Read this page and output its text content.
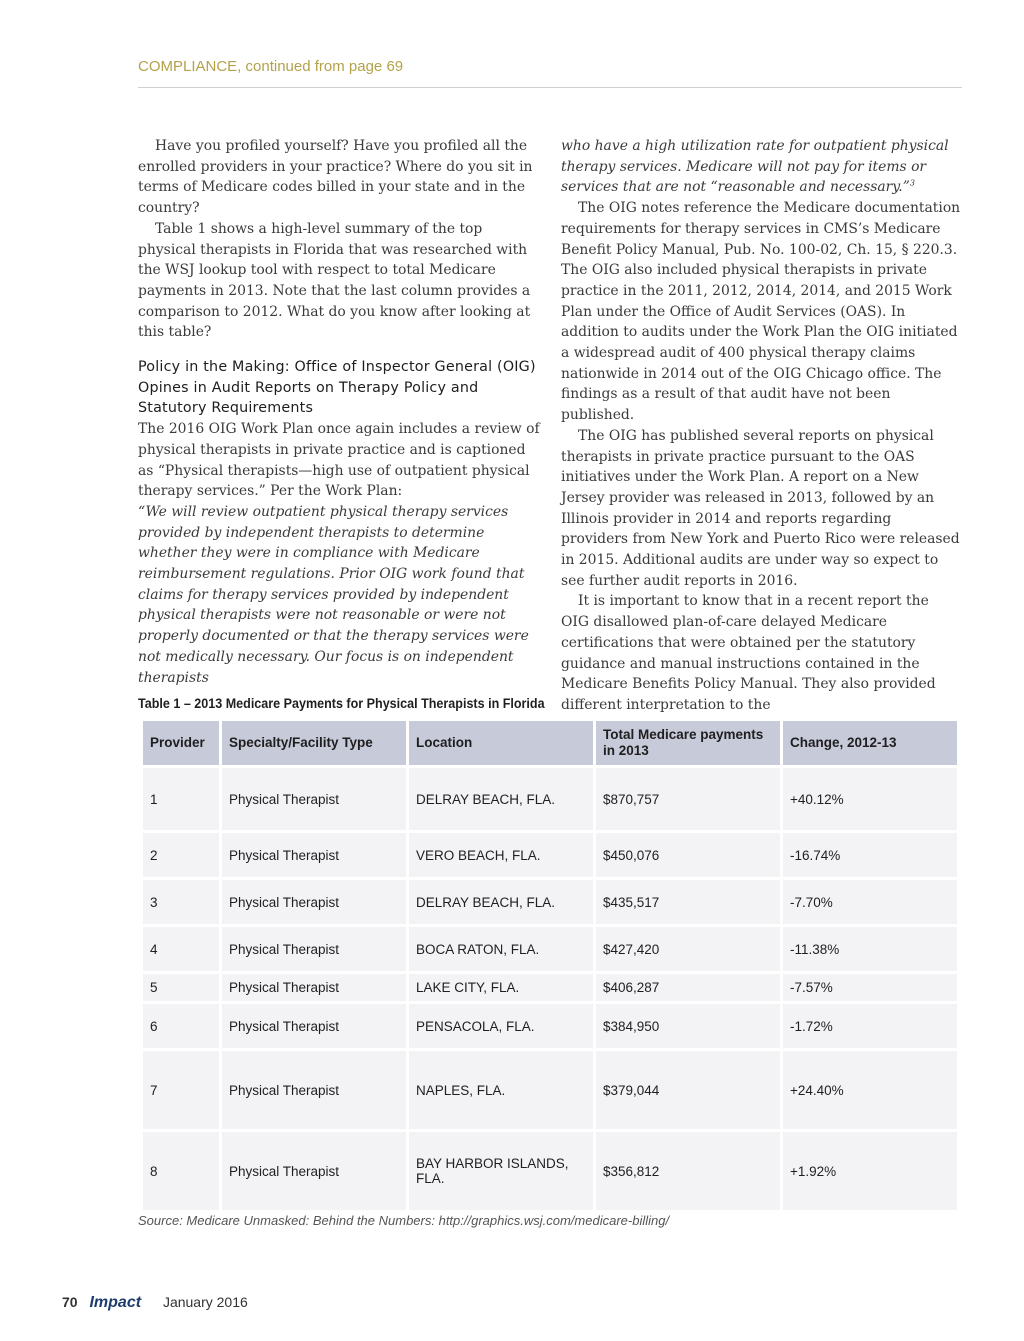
COMPLIANCE, continued from page 69

Have you profiled yourself? Have you profiled all the enrolled providers in your practice? Where do you sit in terms of Medicare codes billed in your state and in the country?

Table 1 shows a high-level summary of the top physical therapists in Florida that was researched with the WSJ lookup tool with respect to total Medicare payments in 2013. Note that the last column provides a comparison to 2012. What do you know after looking at this table?

Policy in the Making: Office of Inspector General (OIG) Opines in Audit Reports on Therapy Policy and Statutory Requirements

The 2016 OIG Work Plan once again includes a review of physical therapists in private practice and is captioned as “Physical therapists—high use of outpatient physical therapy services.” Per the Work Plan:

“We will review outpatient physical therapy services provided by independent therapists to determine whether they were in compliance with Medicare reimbursement regulations. Prior OIG work found that claims for therapy services provided by independent physical therapists were not reasonable or were not properly documented or that the therapy services were not medically necessary. Our focus is on independent therapists

who have a high utilization rate for outpatient physical therapy services. Medicare will not pay for items or services that are not “reasonable and necessary.”$^3$

The OIG notes reference the Medicare documentation requirements for therapy services in CMS’s Medicare Benefit Policy Manual, Pub. No. 100-02, Ch. 15, § 220.3. The OIG also included physical therapists in private practice in the 2011, 2012, 2014, 2014, and 2015 Work Plan under the Office of Audit Services (OAS). In addition to audits under the Work Plan the OIG initiated a widespread audit of 400 physical therapy claims nationwide in 2014 out of the OIG Chicago office. The findings as a result of that audit have not been published.

The OIG has published several reports on physical therapists in private practice pursuant to the OAS initiatives under the Work Plan. A report on a New Jersey provider was released in 2013, followed by an Illinois provider in 2014 and reports regarding providers from New York and Puerto Rico were released in 2015. Additional audits are under way so expect to see further audit reports in 2016.

It is important to know that in a recent report the OIG disallowed plan-of-care delayed Medicare certifications that were obtained per the statutory guidance and manual instructions contained in the Medicare Benefits Policy Manual. They also provided different interpretation to the

Table 1 – 2013 Medicare Payments for Physical Therapists in Florida
Provider	Specialty/Facility Type	Location	Total Medicare payments in 2013	Change, 2012-13
1	Physical Therapist	DELRAY BEACH, FLA.	$870,757	+40.12%
2	Physical Therapist	VERO BEACH, FLA.	$450,076	-16.74%
3	Physical Therapist	DELRAY BEACH, FLA.	$435,517	-7.70%
4	Physical Therapist	BOCA RATON, FLA.	$427,420	-11.38%
5	Physical Therapist	LAKE CITY, FLA.	$406,287	-7.57%
6	Physical Therapist	PENSACOLA, FLA.	$384,950	-1.72%
7	Physical Therapist	NAPLES, FLA.	$379,044	+24.40%
8	Physical Therapist	BAY HARBOR ISLANDS, FLA.	$356,812	+1.92%
Source: Medicare Unmasked: Behind the Numbers: http://graphics.wsj.com/medicare-billing/
70 Impact January 2016
